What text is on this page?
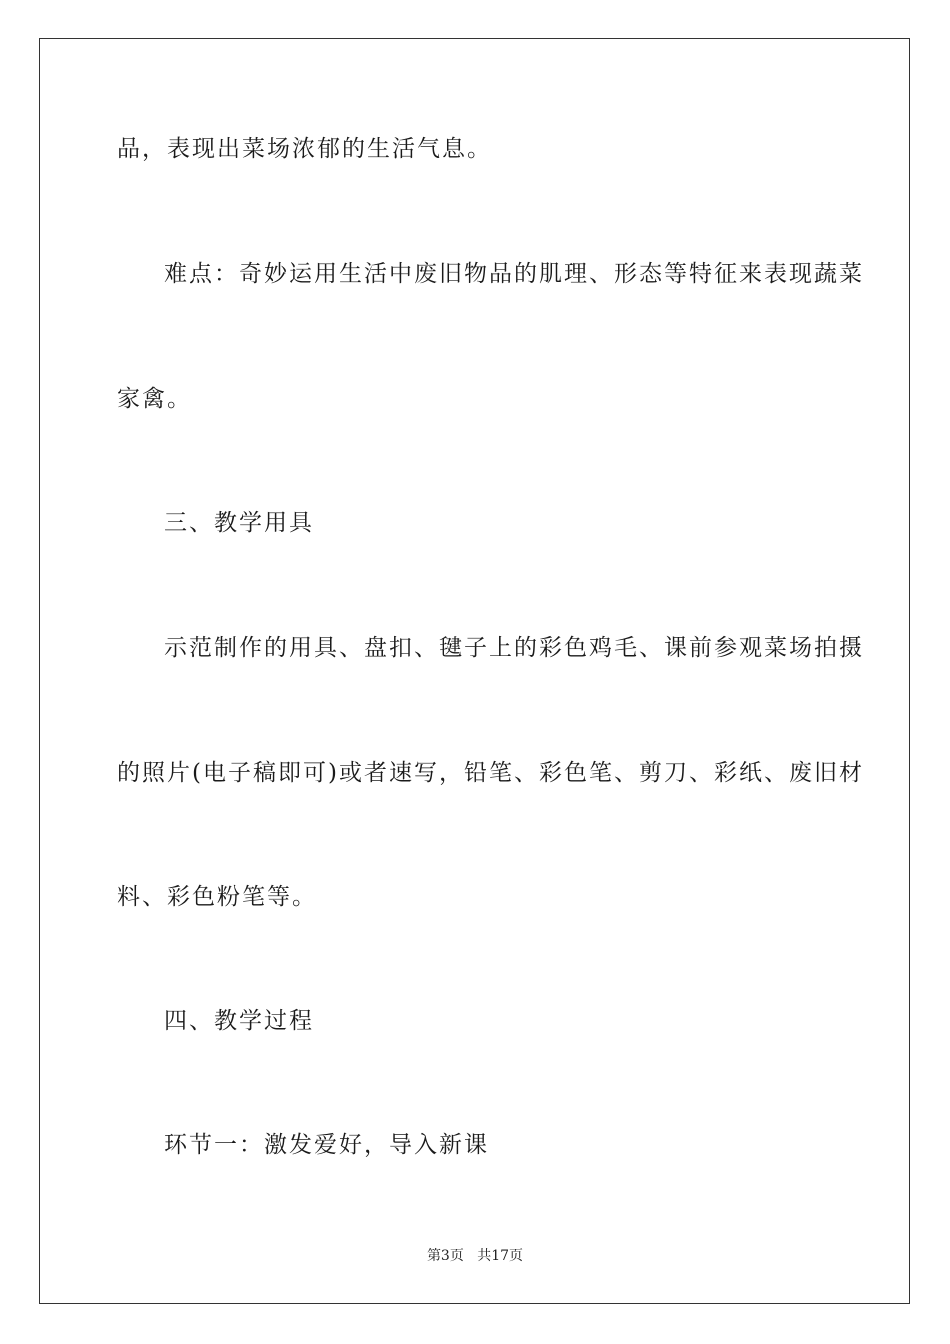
品，表现出菜场浓郁的生活气息。
难点：奇妙运用生活中废旧物品的肌理、形态等特征来表现蔬菜
家禽。
三、教学用具
示范制作的用具、盘扣、毽子上的彩色鸡毛、课前参观菜场拍摄
的照片(电子稿即可)或者速写，铅笔、彩色笔、剪刀、彩纸、废旧材
料、彩色粉笔等。
四、教学过程
环节一：激发爱好，导入新课
第3页 共17页
